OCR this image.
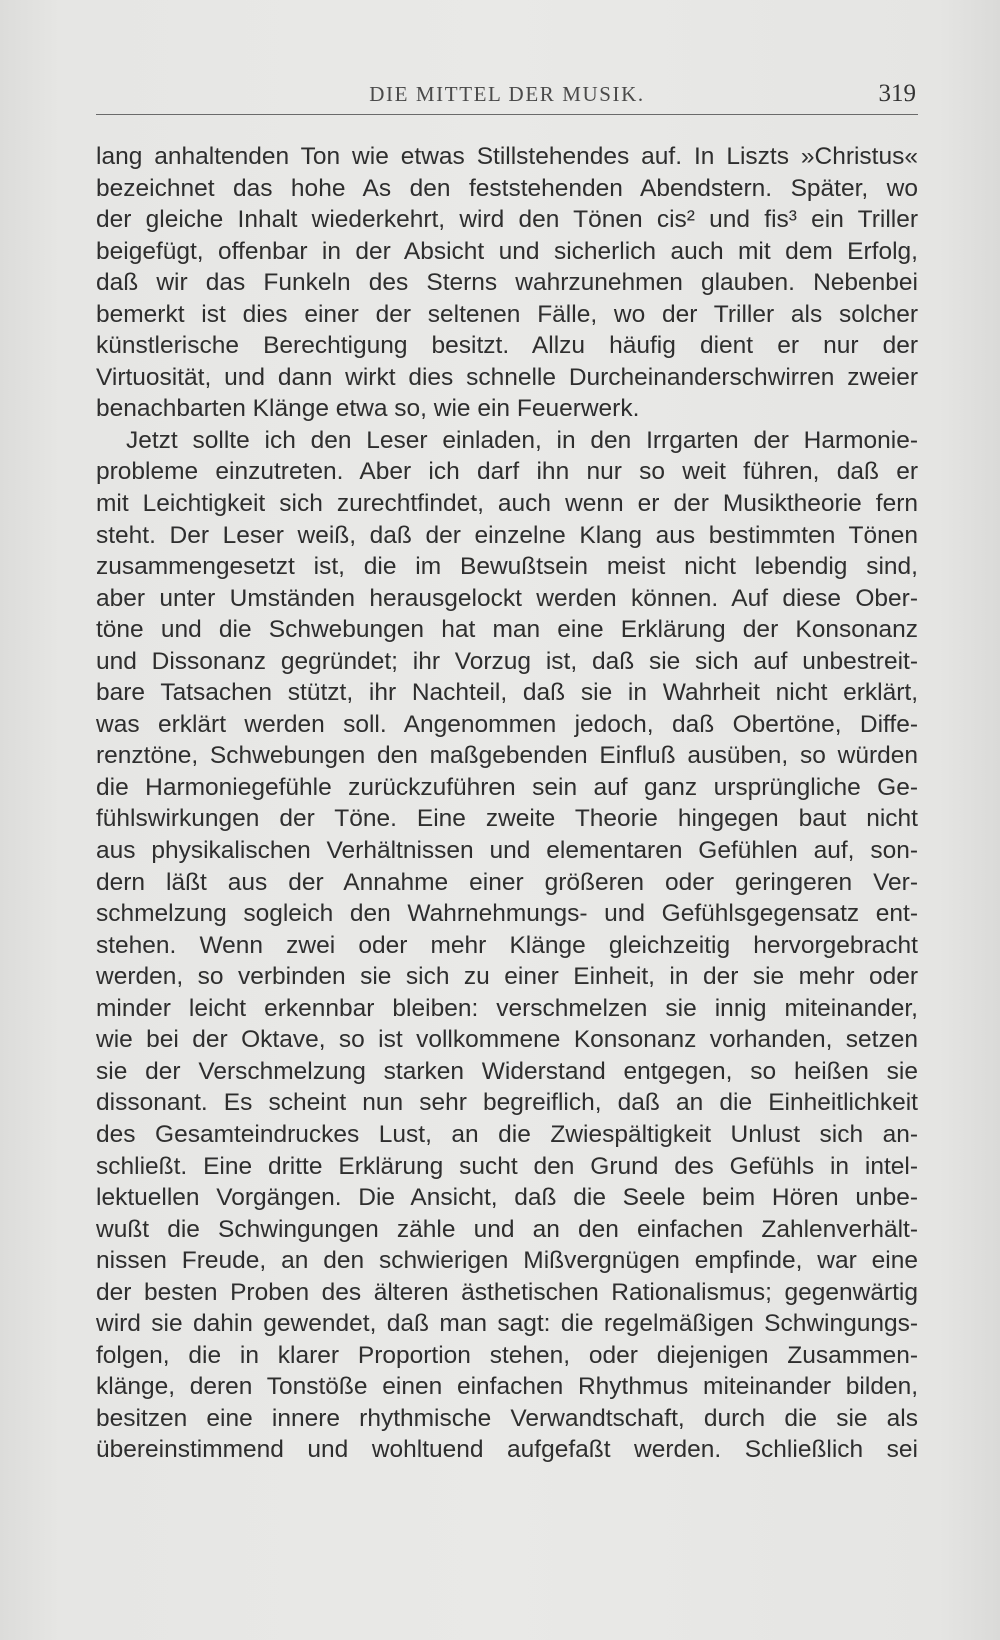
DIE MITTEL DER MUSIK.	319
lang anhaltenden Ton wie etwas Stillstehendes auf. In Liszts »Christus«
bezeichnet das hohe As den feststehenden Abendstern. Später, wo
der gleiche Inhalt wiederkehrt, wird den Tönen cis² und fis³ ein Triller
beigefügt, offenbar in der Absicht und sicherlich auch mit dem Erfolg,
daß wir das Funkeln des Sterns wahrzunehmen glauben. Nebenbei
bemerkt ist dies einer der seltenen Fälle, wo der Triller als solcher
künstlerische Berechtigung besitzt. Allzu häufig dient er nur der
Virtuosität, und dann wirkt dies schnelle Durcheinanderschwirren zweier
benachbarten Klänge etwa so, wie ein Feuerwerk.
Jetzt sollte ich den Leser einladen, in den Irrgarten der Harmonie-
probleme einzutreten. Aber ich darf ihn nur so weit führen, daß er
mit Leichtigkeit sich zurechtfindet, auch wenn er der Musiktheorie fern
steht. Der Leser weiß, daß der einzelne Klang aus bestimmten Tönen
zusammengesetzt ist, die im Bewußtsein meist nicht lebendig sind,
aber unter Umständen herausgelockt werden können. Auf diese Ober-
töne und die Schwebungen hat man eine Erklärung der Konsonanz
und Dissonanz gegründet; ihr Vorzug ist, daß sie sich auf unbestreit-
bare Tatsachen stützt, ihr Nachteil, daß sie in Wahrheit nicht erklärt,
was erklärt werden soll. Angenommen jedoch, daß Obertöne, Diffe-
renztöne, Schwebungen den maßgebenden Einfluß ausüben, so würden
die Harmoniegefühle zurückzuführen sein auf ganz ursprüngliche Ge-
fühlswirkungen der Töne. Eine zweite Theorie hingegen baut nicht
aus physikalischen Verhältnissen und elementaren Gefühlen auf, son-
dern läßt aus der Annahme einer größeren oder geringeren Ver-
schmelzung sogleich den Wahrnehmungs- und Gefühlsgegensatz ent-
stehen. Wenn zwei oder mehr Klänge gleichzeitig hervorgebracht
werden, so verbinden sie sich zu einer Einheit, in der sie mehr oder
minder leicht erkennbar bleiben: verschmelzen sie innig miteinander,
wie bei der Oktave, so ist vollkommene Konsonanz vorhanden, setzen
sie der Verschmelzung starken Widerstand entgegen, so heißen sie
dissonant. Es scheint nun sehr begreiflich, daß an die Einheitlichkeit
des Gesamteindruckes Lust, an die Zwiespältigkeit Unlust sich an-
schließt. Eine dritte Erklärung sucht den Grund des Gefühls in intel-
lektuellen Vorgängen. Die Ansicht, daß die Seele beim Hören unbe-
wußt die Schwingungen zähle und an den einfachen Zahlenverhält-
nissen Freude, an den schwierigen Mißvergnügen empfinde, war eine
der besten Proben des älteren ästhetischen Rationalismus; gegenwärtig
wird sie dahin gewendet, daß man sagt: die regelmäßigen Schwingungs-
folgen, die in klarer Proportion stehen, oder diejenigen Zusammen-
klänge, deren Tonstöße einen einfachen Rhythmus miteinander bilden,
besitzen eine innere rhythmische Verwandtschaft, durch die sie als
übereinstimmend und wohltuend aufgefaßt werden. Schließlich sei
